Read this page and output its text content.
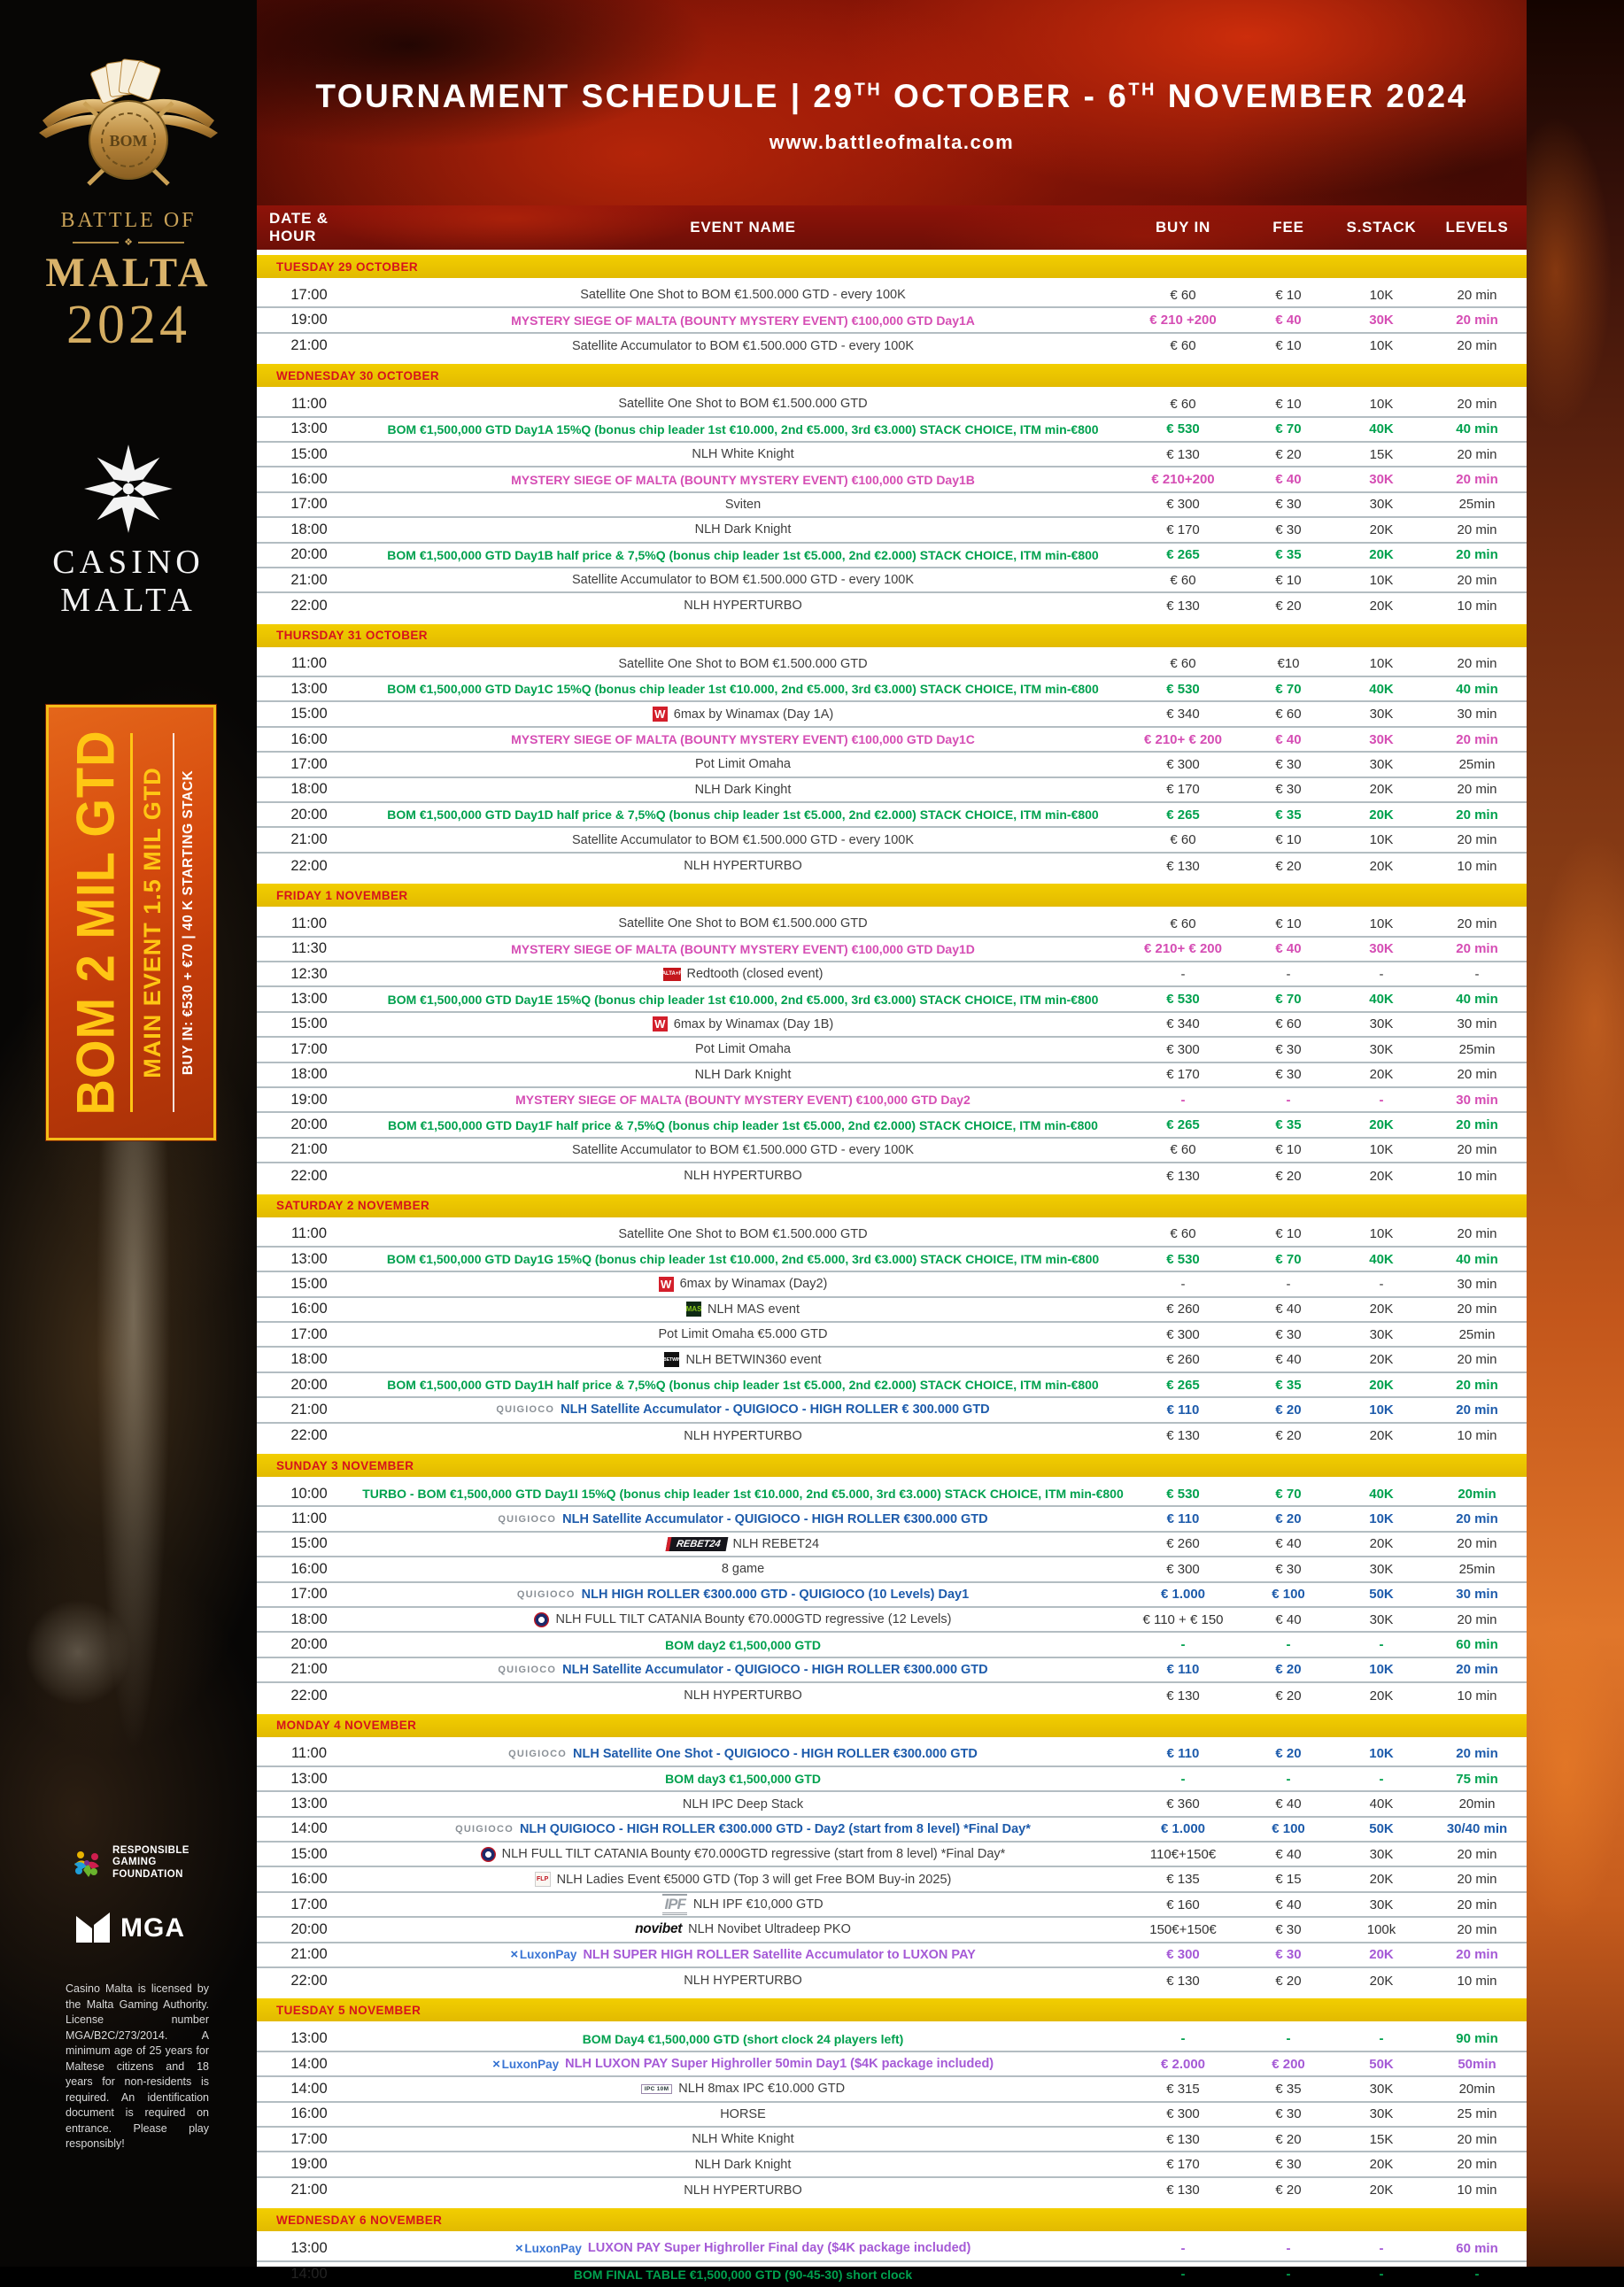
BOM
BATTLE OF
❖
MALTA
2024
CASINO
MALTA
BOM 2 MIL GTD MAIN EVENT 1.5 MIL GTD BUY IN: €530 + €70 | 40 K STARTING STACK
RESPONSIBLE
GAMING
FOUNDATION
MGA
Casino Malta is licensed by the Malta Gaming Authority. License number MGA/B2C/273/2014. A minimum age of 25 years for Maltese citizens and 18 years for non-residents is required. An identification document is required on entrance. Please play responsibly!
TOURNAMENT SCHEDULE | 29TH OCTOBER - 6TH NOVEMBER 2024
www.battleofmalta.com
DATE & HOUR
EVENT NAME	BUY IN	FEE	S.STACK	LEVELS
TUESDAY 29 OCTOBER
17:00	Satellite One Shot to BOM €1.500.000 GTD - every 100K	€ 60	€ 10	10K	20 min
19:00	MYSTERY SIEGE OF MALTA (BOUNTY MYSTERY EVENT) €100,000 GTD Day1A	€ 210 +200	€ 40	30K	20 min
21:00	Satellite Accumulator to BOM €1.500.000 GTD - every 100K	€ 60	€ 10	10K	20 min
WEDNESDAY 30 OCTOBER
11:00	Satellite One Shot to BOM €1.500.000 GTD	€ 60	€ 10	10K	20 min
13:00	BOM €1,500,000 GTD Day1A 15%Q (bonus chip leader 1st €10.000, 2nd €5.000, 3rd €3.000) STACK CHOICE, ITM min-€800	€ 530	€ 70	40K	40 min
15:00	NLH White Knight	€ 130	€ 20	15K	20 min
16:00	MYSTERY SIEGE OF MALTA (BOUNTY MYSTERY EVENT) €100,000 GTD Day1B	€ 210+200	€ 40	30K	20 min
17:00	Sviten	€ 300	€ 30	30K	25min
18:00	NLH Dark Knight	€ 170	€ 30	20K	20 min
20:00	BOM €1,500,000 GTD Day1B half price & 7,5%Q (bonus chip leader 1st €5.000, 2nd €2.000) STACK CHOICE, ITM min-€800	€ 265	€ 35	20K	20 min
21:00	Satellite Accumulator to BOM €1.500.000 GTD - every 100K	€ 60	€ 10	10K	20 min
22:00	NLH HYPERTURBO	€ 130	€ 20	20K	10 min
THURSDAY 31 OCTOBER
11:00	Satellite One Shot to BOM €1.500.000 GTD	€ 60	€10	10K	20 min
13:00	BOM €1,500,000 GTD Day1C 15%Q (bonus chip leader 1st €10.000, 2nd €5.000, 3rd €3.000) STACK CHOICE, ITM min-€800	€ 530	€ 70	40K	40 min
15:00	W 6max by Winamax (Day 1A)	€ 340	€ 60	30K	30 min
16:00	MYSTERY SIEGE OF MALTA (BOUNTY MYSTERY EVENT) €100,000 GTD Day1C	€ 210+ € 200	€ 40	30K	20 min
17:00	Pot Limit Omaha	€ 300	€ 30	30K	25min
18:00	NLH Dark Kinght	€ 170	€ 30	20K	20 min
20:00	BOM €1,500,000 GTD Day1D half price & 7,5%Q (bonus chip leader 1st €5.000, 2nd €2.000) STACK CHOICE, ITM min-€800	€ 265	€ 35	20K	20 min
21:00	Satellite Accumulator to BOM €1.500.000 GTD - every 100K	€ 60	€ 10	10K	20 min
22:00	NLH HYPERTURBO	€ 130	€ 20	20K	10 min
FRIDAY 1 NOVEMBER
11:00	Satellite One Shot to BOM €1.500.000 GTD	€ 60	€ 10	10K	20 min
11:30	MYSTERY SIEGE OF MALTA (BOUNTY MYSTERY EVENT) €100,000 GTD Day1D	€ 210+ € 200	€ 40	30K	20 min
12:30	MALTA+FR Redtooth (closed event)	-	-	-	-
13:00	BOM €1,500,000 GTD Day1E 15%Q (bonus chip leader 1st €10.000, 2nd €5.000, 3rd €3.000) STACK CHOICE, ITM min-€800	€ 530	€ 70	40K	40 min
15:00	W 6max by Winamax (Day 1B)	€ 340	€ 60	30K	30 min
17:00	Pot Limit Omaha	€ 300	€ 30	30K	25min
18:00	NLH Dark Knight	€ 170	€ 30	20K	20 min
19:00	MYSTERY SIEGE OF MALTA (BOUNTY MYSTERY EVENT) €100,000 GTD Day2	-	-	-	30 min
20:00	BOM €1,500,000 GTD Day1F half price & 7,5%Q (bonus chip leader 1st €5.000, 2nd €2.000) STACK CHOICE, ITM min-€800	€ 265	€ 35	20K	20 min
21:00	Satellite Accumulator to BOM €1.500.000 GTD - every 100K	€ 60	€ 10	10K	20 min
22:00	NLH HYPERTURBO	€ 130	€ 20	20K	10 min
SATURDAY 2 NOVEMBER
11:00	Satellite One Shot to BOM €1.500.000 GTD	€ 60	€ 10	10K	20 min
13:00	BOM €1,500,000 GTD Day1G 15%Q (bonus chip leader 1st €10.000, 2nd €5.000, 3rd €3.000) STACK CHOICE, ITM min-€800	€ 530	€ 70	40K	40 min
15:00	W 6max by Winamax (Day2)	-	-	-	30 min
16:00	MAS NLH MAS event	€ 260	€ 40	20K	20 min
17:00	Pot Limit Omaha €5.000 GTD	€ 300	€ 30	30K	25min
18:00	BETWIN NLH BETWIN360 event	€ 260	€ 40	20K	20 min
20:00	BOM €1,500,000 GTD Day1H half price & 7,5%Q (bonus chip leader 1st €5.000, 2nd €2.000) STACK CHOICE, ITM min-€800	€ 265	€ 35	20K	20 min
21:00	QUIGIOCO NLH Satellite Accumulator - QUIGIOCO - HIGH ROLLER € 300.000 GTD	€ 110	€ 20	10K	20 min
22:00	NLH HYPERTURBO	€ 130	€ 20	20K	10 min
SUNDAY 3 NOVEMBER
10:00	TURBO - BOM €1,500,000 GTD Day1I 15%Q (bonus chip leader 1st €10.000, 2nd €5.000, 3rd €3.000) STACK CHOICE, ITM min-€800	€ 530	€ 70	40K	20min
11:00	QUIGIOCO NLH Satellite Accumulator - QUIGIOCO - HIGH ROLLER €300.000 GTD	€ 110	€ 20	10K	20 min
15:00	REBET24 NLH REBET24	€ 260	€ 40	20K	20 min
16:00	8 game	€ 300	€ 30	30K	25min
17:00	QUIGIOCO NLH HIGH ROLLER €300.000 GTD - QUIGIOCO (10 Levels) Day1	€ 1.000	€ 100	50K	30 min
18:00	NLH FULL TILT CATANIA Bounty €70.000GTD regressive (12 Levels)	€ 110 + € 150	€ 40	30K	20 min
20:00	BOM day2 €1,500,000 GTD	-	-	-	60 min
21:00	QUIGIOCO NLH Satellite Accumulator - QUIGIOCO - HIGH ROLLER €300.000 GTD	€ 110	€ 20	10K	20 min
22:00	NLH HYPERTURBO	€ 130	€ 20	20K	10 min
MONDAY 4 NOVEMBER
11:00	QUIGIOCO NLH Satellite One Shot - QUIGIOCO - HIGH ROLLER €300.000 GTD	€ 110	€ 20	10K	20 min
13:00	BOM day3 €1,500,000 GTD	-	-	-	75 min
13:00	NLH IPC Deep Stack	€ 360	€ 40	40K	20min
14:00	QUIGIOCO NLH QUIGIOCO - HIGH ROLLER €300.000 GTD - Day2 (start from 8 level) *Final Day*	€ 1.000	€ 100	50K	30/40 min
15:00	NLH FULL TILT CATANIA Bounty €70.000GTD regressive (start from 8 level) *Final Day*	110€+150€	€ 40	30K	20 min
16:00	FLP NLH Ladies Event €5000 GTD (Top 3 will get Free BOM Buy-in 2025)	€ 135	€ 15	20K	20 min
17:00	IPF NLH IPF €10,000 GTD	€ 160	€ 40	30K	20 min
20:00	novibet NLH Novibet Ultradeep PKO	150€+150€	€ 30	100k	20 min
21:00	× LuxonPay NLH SUPER HIGH ROLLER Satellite Accumulator to LUXON PAY	€ 300	€ 30	20K	20 min
22:00	NLH HYPERTURBO	€ 130	€ 20	20K	10 min
TUESDAY 5 NOVEMBER
13:00	BOM Day4 €1,500,000 GTD (short clock 24 players left)	-	-	-	90 min
14:00	× LuxonPay NLH LUXON PAY Super Highroller 50min Day1 ($4K package included)	€ 2.000	€ 200	50K	50min
14:00	IPC 10M NLH 8max IPC €10.000 GTD	€ 315	€ 35	30K	20min
16:00	HORSE	€ 300	€ 30	30K	25 min
17:00	NLH White Knight	€ 130	€ 20	15K	20 min
19:00	NLH Dark Knight	€ 170	€ 30	20K	20 min
21:00	NLH HYPERTURBO	€ 130	€ 20	20K	10 min
WEDNESDAY 6 NOVEMBER
13:00	× LuxonPay LUXON PAY Super Highroller Final day ($4K package included)	-	-	-	60 min
14:00	BOM FINAL TABLE €1,500,000 GTD (90-45-30) short clock	-	-	-	-
